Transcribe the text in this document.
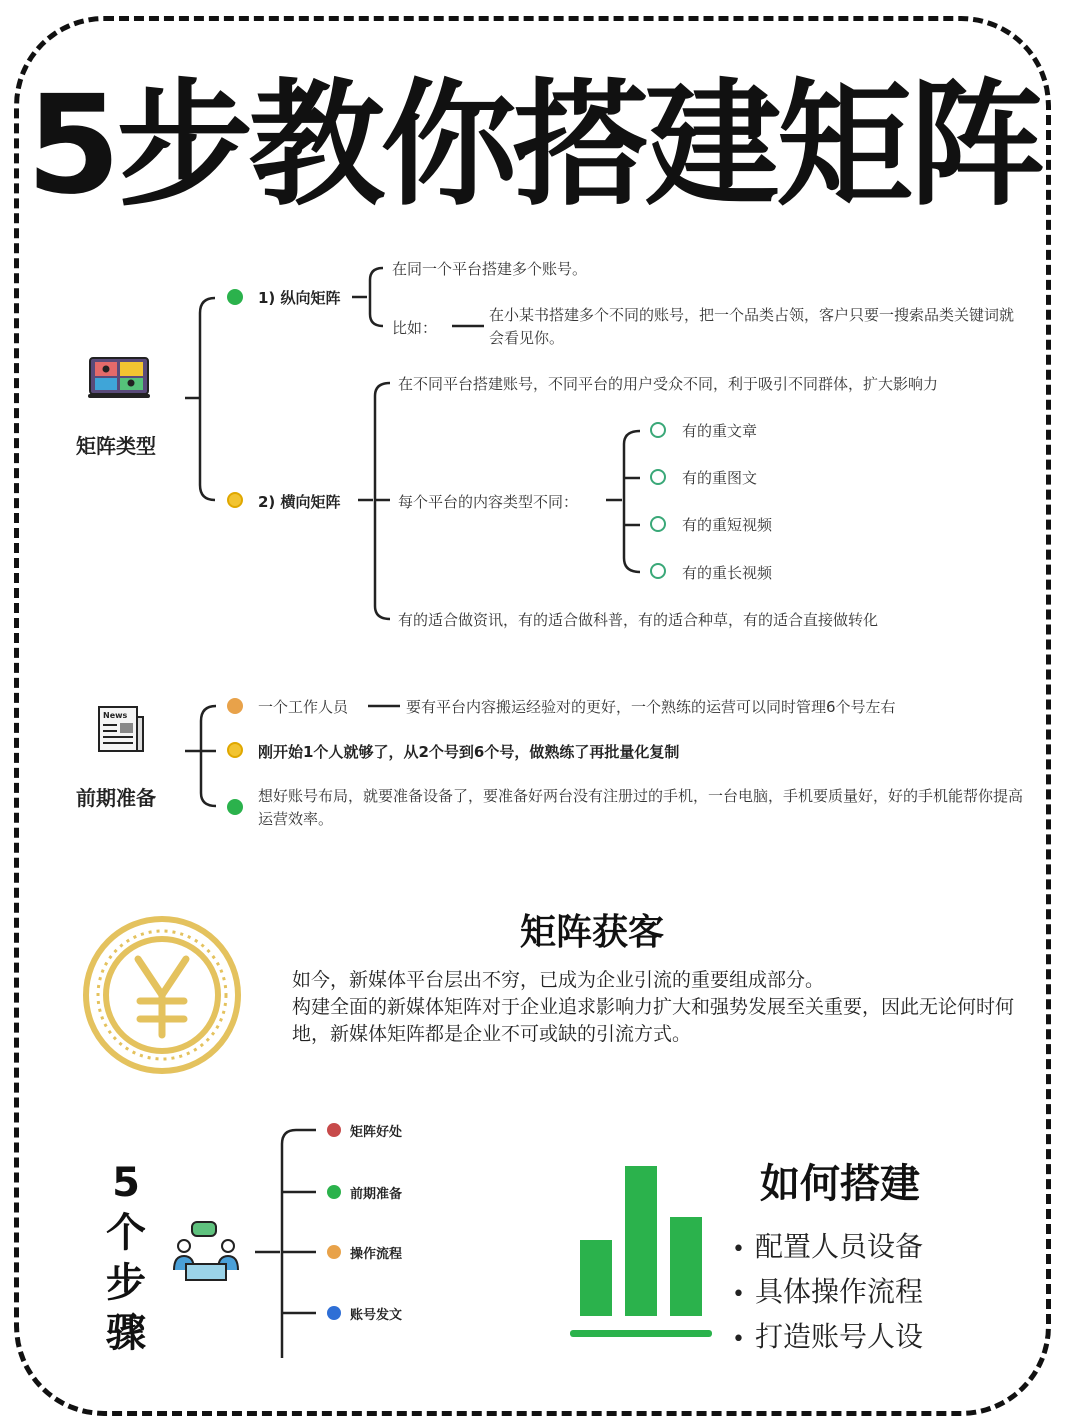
5步教你搭建矩阵
矩阵类型
1) 纵向矩阵
在同一个平台搭建多个账号。
比如：
在小某书搭建多个不同的账号，把一个品类占领，客户只要一搜索品类关键词就会看见你。
2) 横向矩阵
在不同平台搭建账号，不同平台的用户受众不同，利于吸引不同群体，扩大影响力
每个平台的内容类型不同：
有的重文章
有的重图文
有的重短视频
有的重长视频
有的适合做资讯，有的适合做科普，有的适合种草，有的适合直接做转化
News
前期准备
一个工作人员	要有平台内容搬运经验对的更好，一个熟练的运营可以同时管理6个号左右
刚开始1个人就够了，从2个号到6个号，做熟练了再批量化复制
想好账号布局，就要准备设备了，要准备好两台没有注册过的手机，一台电脑，手机要质量好，好的手机能帮你提高运营效率。
矩阵获客
如今，新媒体平台层出不穷，已成为企业引流的重要组成部分。
构建全面的新媒体矩阵对于企业追求影响力扩大和强势发展至关重要，因此无论何时何地，新媒体矩阵都是企业不可或缺的引流方式。
5
个
步
骤
矩阵好处
前期准备
操作流程
账号发文
如何搭建
• 配置人员设备
• 具体操作流程
• 打造账号人设
